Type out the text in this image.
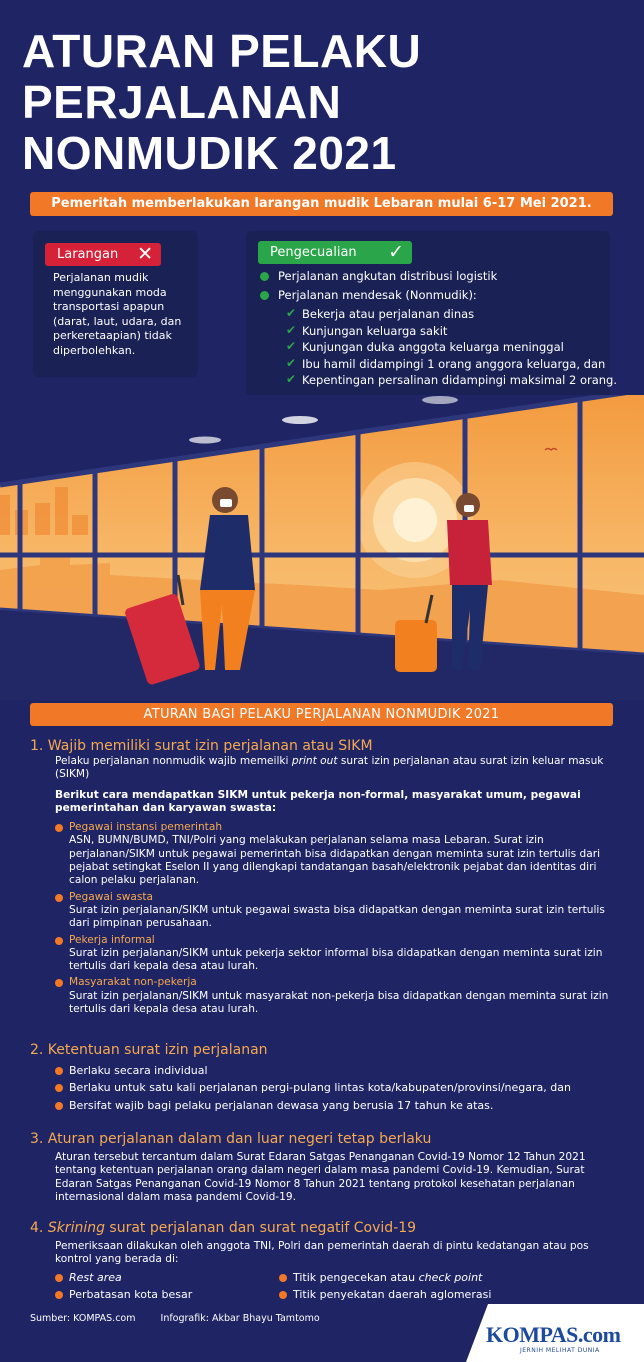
ATURAN PELAKU
PERJALANAN
NONMUDIK 2021
Pemeritah memberlakukan larangan mudik Lebaran mulai 6-17 Mei 2021.
Larangan ✕

Perjalanan mudik menggunakan moda transportasi apapun (darat, laut, udara, dan perkeretaapian) tidak diperbolehkan.

Pengecualian ✓
Perjalanan angkutan distribusi logistik
Perjalanan mendesak (Nonmudik):
✔ Bekerja atau perjalanan dinas
✔ Kunjungan keluarga sakit
✔ Kunjungan duka anggota keluarga meninggal
✔ Ibu hamil didampingi 1 orang anggora keluarga, dan
✔ Kepentingan persalinan didampingi maksimal 2 orang.
ATURAN BAGI PELAKU PERJALANAN NONMUDIK 2021
1. Wajib memiliki surat izin perjalanan atau SIKM
Pelaku perjalanan nonmudik wajib memeilki print out surat izin perjalanan atau surat izin keluar masuk (SIKM)
Berikut cara mendapatkan SIKM untuk pekerja non-formal, masyarakat umum, pegawai pemerintahan dan karyawan swasta:
Pegawai instansi pemerintah
ASN, BUMN/BUMD, TNI/Polri yang melakukan perjalanan selama masa Lebaran. Surat izin perjalanan/SIKM untuk pegawai pemerintah bisa didapatkan dengan meminta surat izin tertulis dari pejabat setingkat Eselon II yang dilengkapi tandatangan basah/elektronik pejabat dan identitas diri calon pelaku perjalanan.
Pegawai swasta
Surat izin perjalanan/SIKM untuk pegawai swasta bisa didapatkan dengan meminta surat izin tertulis dari pimpinan perusahaan.
Pekerja informal
Surat izin perjalanan/SIKM untuk pekerja sektor informal bisa didapatkan dengan meminta surat izin tertulis dari kepala desa atau lurah.
Masyarakat non-pekerja
Surat izin perjalanan/SIKM untuk masyarakat non-pekerja bisa didapatkan dengan meminta surat izin tertulis dari kepala desa atau lurah.
2. Ketentuan surat izin perjalanan
Berlaku secara individual
Berlaku untuk satu kali perjalanan pergi-pulang lintas kota/kabupaten/provinsi/negara, dan
Bersifat wajib bagi pelaku perjalanan dewasa yang berusia 17 tahun ke atas.
3. Aturan perjalanan dalam dan luar negeri tetap berlaku
Aturan tersebut tercantum dalam Surat Edaran Satgas Penanganan Covid-19 Nomor 12 Tahun 2021 tentang ketentuan perjalanan orang dalam negeri dalam masa pandemi Covid-19. Kemudian, Surat Edaran Satgas Penanganan Covid-19 Nomor 8 Tahun 2021 tentang protokol kesehatan perjalanan internasional dalam masa pandemi Covid-19.
4. Skrining surat perjalanan dan surat negatif Covid-19
Pemeriksaan dilakukan oleh anggota TNI, Polri dan pemerintah daerah di pintu kedatangan atau pos kontrol yang berada di:
Rest area	Titik pengecekan atau check point
Perbatasan kota besar	Titik penyekatan daerah aglomerasi
Sumber: KOMPAS.com	Infografik: Akbar Bhayu Tamtomo
KOMPAS.com
JERNIH MELIHAT DUNIA
